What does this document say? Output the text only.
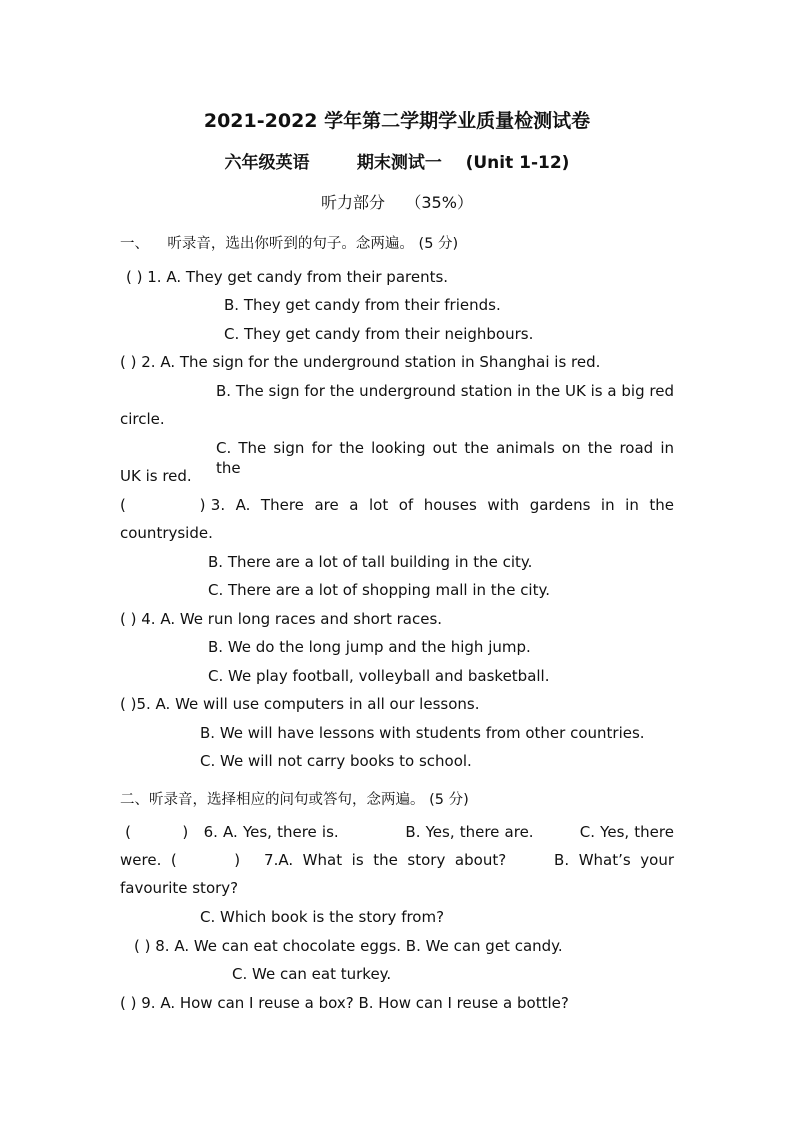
2021-2022 学年第二学期学业质量检测试卷
六年级英语        期末测试一    (Unit 1-12)
听力部分    （35%）
一、    听录音，选出你听到的句子。念两遍。 (5 分)

( ) 1. A. They get candy from their parents.

B. They get candy from their friends.

C. They get candy from their neighbours.

( ) 2. A. The sign for the underground station in Shanghai is red.

B. The sign for the underground station in the UK is a big red

circle.

C. The sign for the looking out the animals on the road in the

UK is red.

(              ) 3.  A.  There  are  a  lot  of  houses  with  gardens  in  in  the

countryside.

B. There are a lot of tall building in the city.

C. There are a lot of shopping mall in the city.

( ) 4. A. We run long races and short races.

B. We do the long jump and the high jump.

C. We play football, volleyball and basketball.

( )5. A. We will use computers in all our lessons.

B. We will have lessons with students from other countries.

C. We will not carry books to school.

二、听录音，选择相应的问句或答句，念两遍。 (5 分)

(          )   6. A. Yes, there is.             B. Yes, there are.         C. Yes, there

were.  (            )     7.A.  What  is  the  story  about?          B.  What’s  your

favourite story?

C. Which book is the story from?

( ) 8. A. We can eat chocolate eggs. B. We can get candy.

C. We can eat turkey.

( ) 9. A. How can I reuse a box? B. How can I reuse a bottle?
